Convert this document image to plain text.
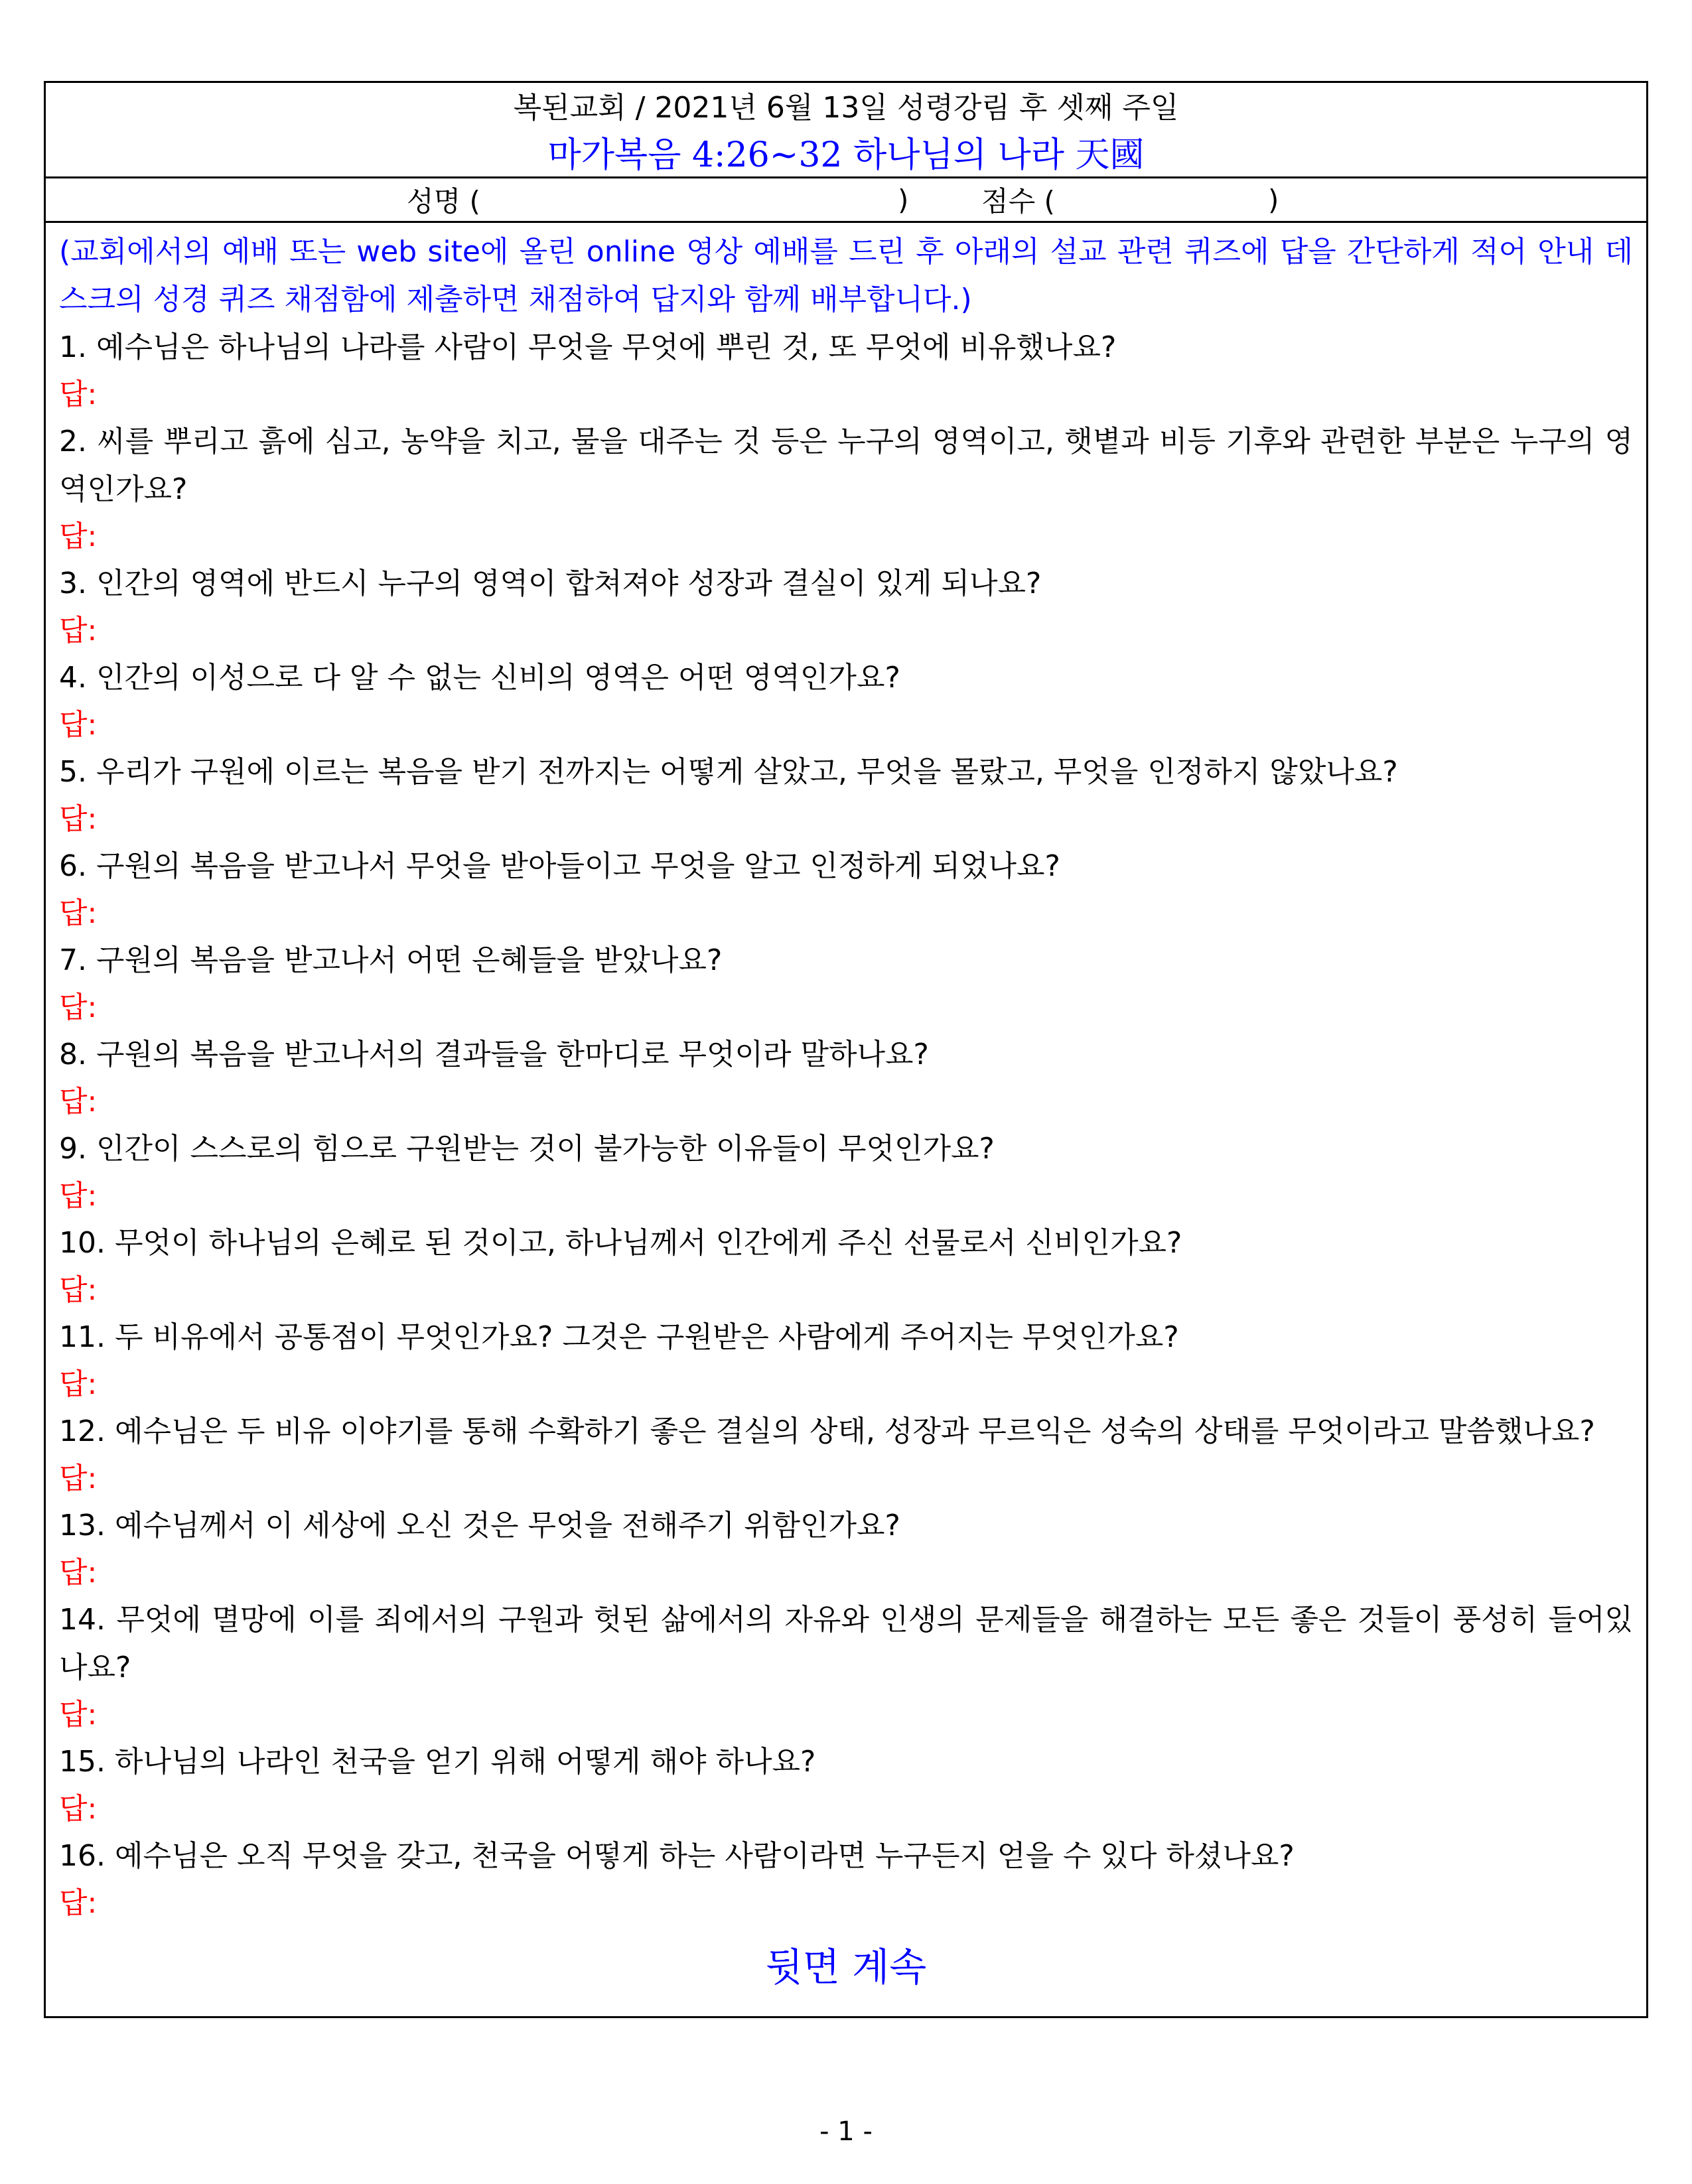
복된교회 / 2021년 6월 13일 성령강림 후 셋째 주일
마가복음 4:26~32 하나님의 나라 天國
성명 (	)	점수 (	)
(교회에서의 예배 또는 web site에 올린 online 영상 예배를 드린 후 아래의 설교 관련 퀴즈에 답을 간단하게 적어 안내 데스크의 성경 퀴즈 채점함에 제출하면 채점하여 답지와 함께 배부합니다.)
1. 예수님은 하나님의 나라를 사람이 무엇을 무엇에 뿌린 것, 또 무엇에 비유했나요?
답:
2. 씨를 뿌리고 흙에 심고, 농약을 치고, 물을 대주는 것 등은 누구의 영역이고, 햇볕과 비등 기후와 관련한 부분은 누구의 영역인가요?
답:
3. 인간의 영역에 반드시 누구의 영역이 합쳐져야 성장과 결실이 있게 되나요?
답:
4. 인간의 이성으로 다 알 수 없는 신비의 영역은 어떤 영역인가요?
답:
5. 우리가 구원에 이르는 복음을 받기 전까지는 어떻게 살았고, 무엇을 몰랐고, 무엇을 인정하지 않았나요?
답:
6. 구원의 복음을 받고나서 무엇을 받아들이고 무엇을 알고 인정하게 되었나요?
답:
7. 구원의 복음을 받고나서 어떤 은혜들을 받았나요?
답:
8. 구원의 복음을 받고나서의 결과들을 한마디로 무엇이라 말하나요?
답:
9. 인간이 스스로의 힘으로 구원받는 것이 불가능한 이유들이 무엇인가요?
답:
10. 무엇이 하나님의 은혜로 된 것이고, 하나님께서 인간에게 주신 선물로서 신비인가요?
답:
11. 두 비유에서 공통점이 무엇인가요? 그것은 구원받은 사람에게 주어지는 무엇인가요?
답:
12. 예수님은 두 비유 이야기를 통해 수확하기 좋은 결실의 상태, 성장과 무르익은 성숙의 상태를 무엇이라고 말씀했나요?
답:
13. 예수님께서 이 세상에 오신 것은 무엇을 전해주기 위함인가요?
답:
14. 무엇에 멸망에 이를 죄에서의 구원과 헛된 삶에서의 자유와 인생의 문제들을 해결하는 모든 좋은 것들이 풍성히 들어있나요?
답:
15. 하나님의 나라인 천국을 얻기 위해 어떻게 해야 하나요?
답:
16. 예수님은 오직 무엇을 갖고, 천국을 어떻게 하는 사람이라면 누구든지 얻을 수 있다 하셨나요?
답:
뒷면 계속
- 1 -
